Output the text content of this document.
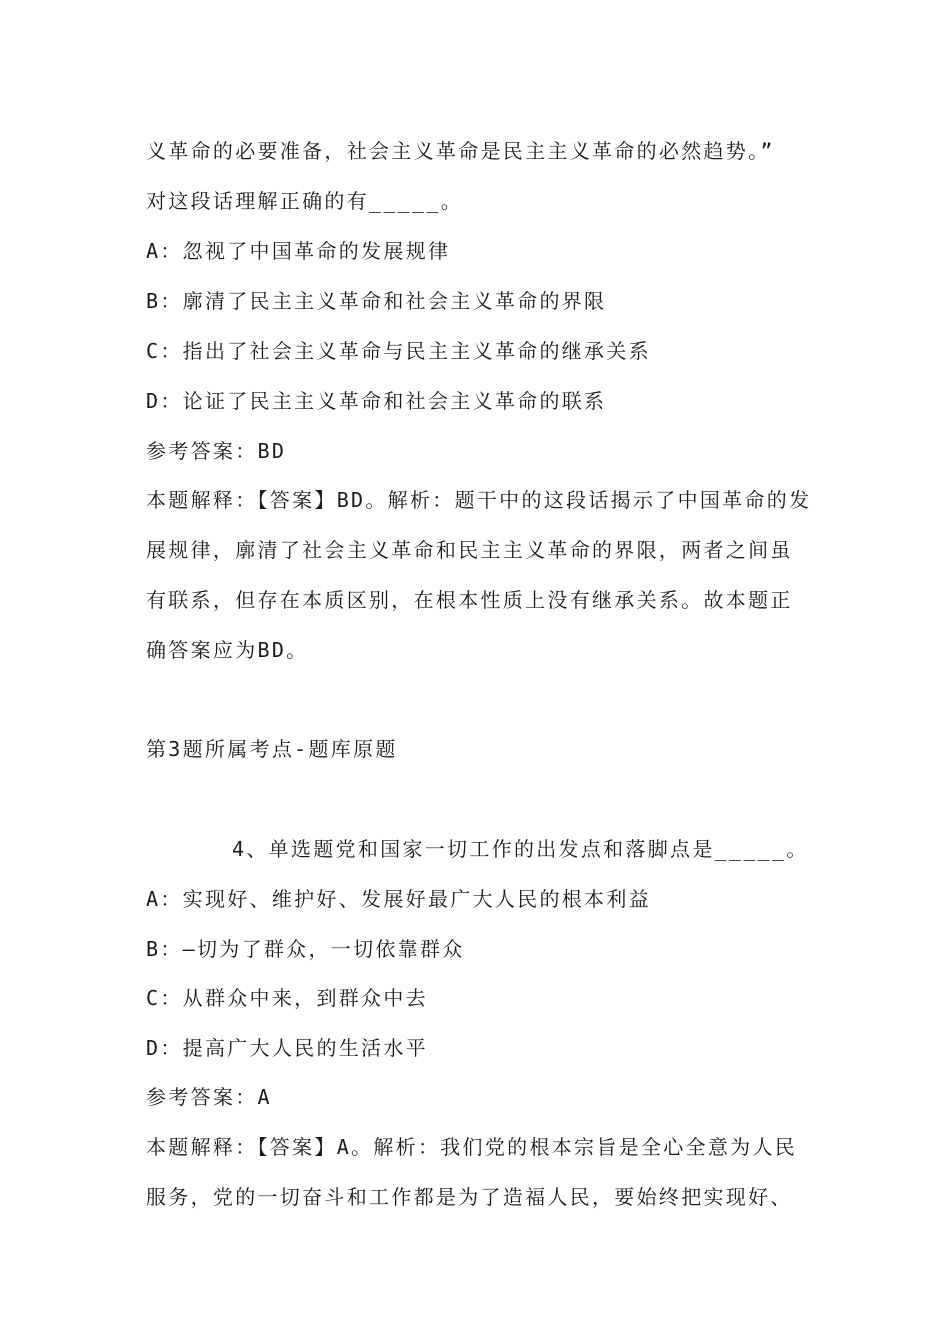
义革命的必要准备，社会主义革命是民主主义革命的必然趋势。”
对这段话理解正确的有_____。
A：忽视了中国革命的发展规律
B：廓清了民主主义革命和社会主义革命的界限
C：指出了社会主义革命与民主主义革命的继承关系
D：论证了民主主义革命和社会主义革命的联系
参考答案：BD
本题解释：【答案】BD。解析：题干中的这段话揭示了中国革命的发
展规律，廓清了社会主义革命和民主主义革命的界限，两者之间虽
有联系，但存在本质区别，在根本性质上没有继承关系。故本题正
确答案应为BD。
第3题所属考点-题库原题
4、单选题党和国家一切工作的出发点和落脚点是_____。
A：实现好、维护好、发展好最广大人民的根本利益
B：—切为了群众，一切依靠群众
C：从群众中来，到群众中去
D：提高广大人民的生活水平
参考答案：A
本题解释：【答案】A。解析：我们党的根本宗旨是全心全意为人民
服务，党的一切奋斗和工作都是为了造福人民，要始终把实现好、
